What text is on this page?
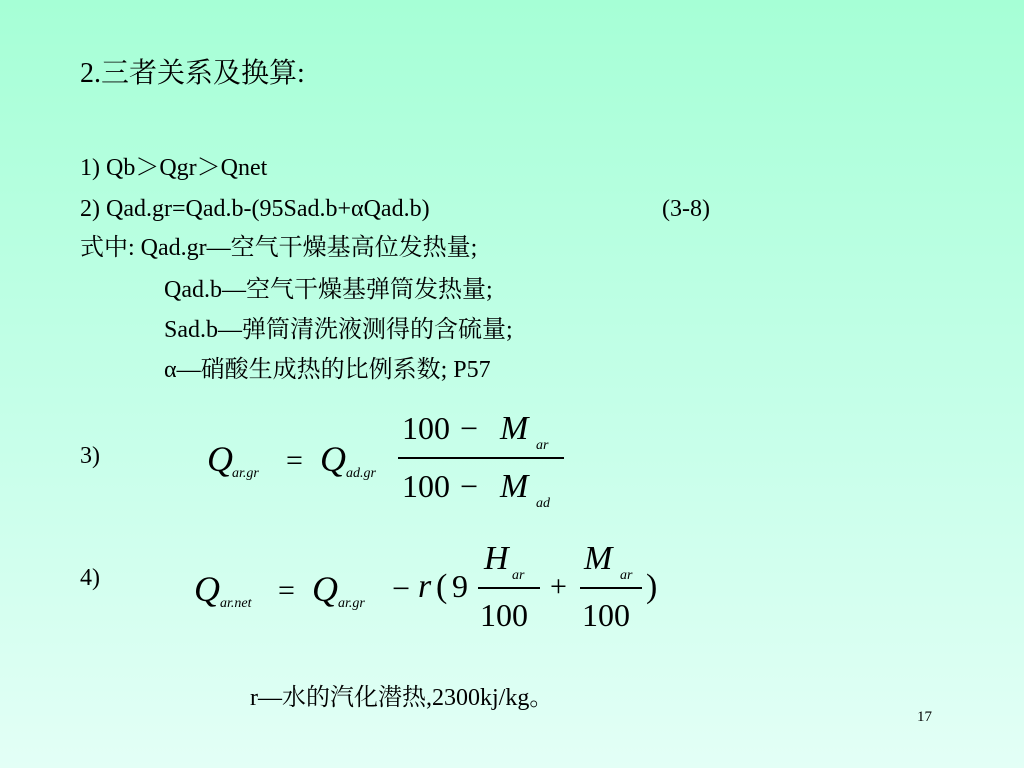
2.三者关系及换算:
1) Qb＞Qgr＞Qnet
2) Qad.gr=Qad.b-(95Sad.b+αQad.b)	(3-8)
式中: Qad.gr—空气干燥基高位发热量;
Qad.b—空气干燥基弹筒发热量;
Sad.b—弹筒清洗液测得的含硫量;
α—硝酸生成热的比例系数; P57
3)	Q ar.gr = Q ad.gr
100 − M ar
100 − M ad
4)	Q ar.net = Q ar.gr − r ( 9
H ar
100
+
M ar
100
)
r—水的汽化潜热,2300kj/kg。
17
